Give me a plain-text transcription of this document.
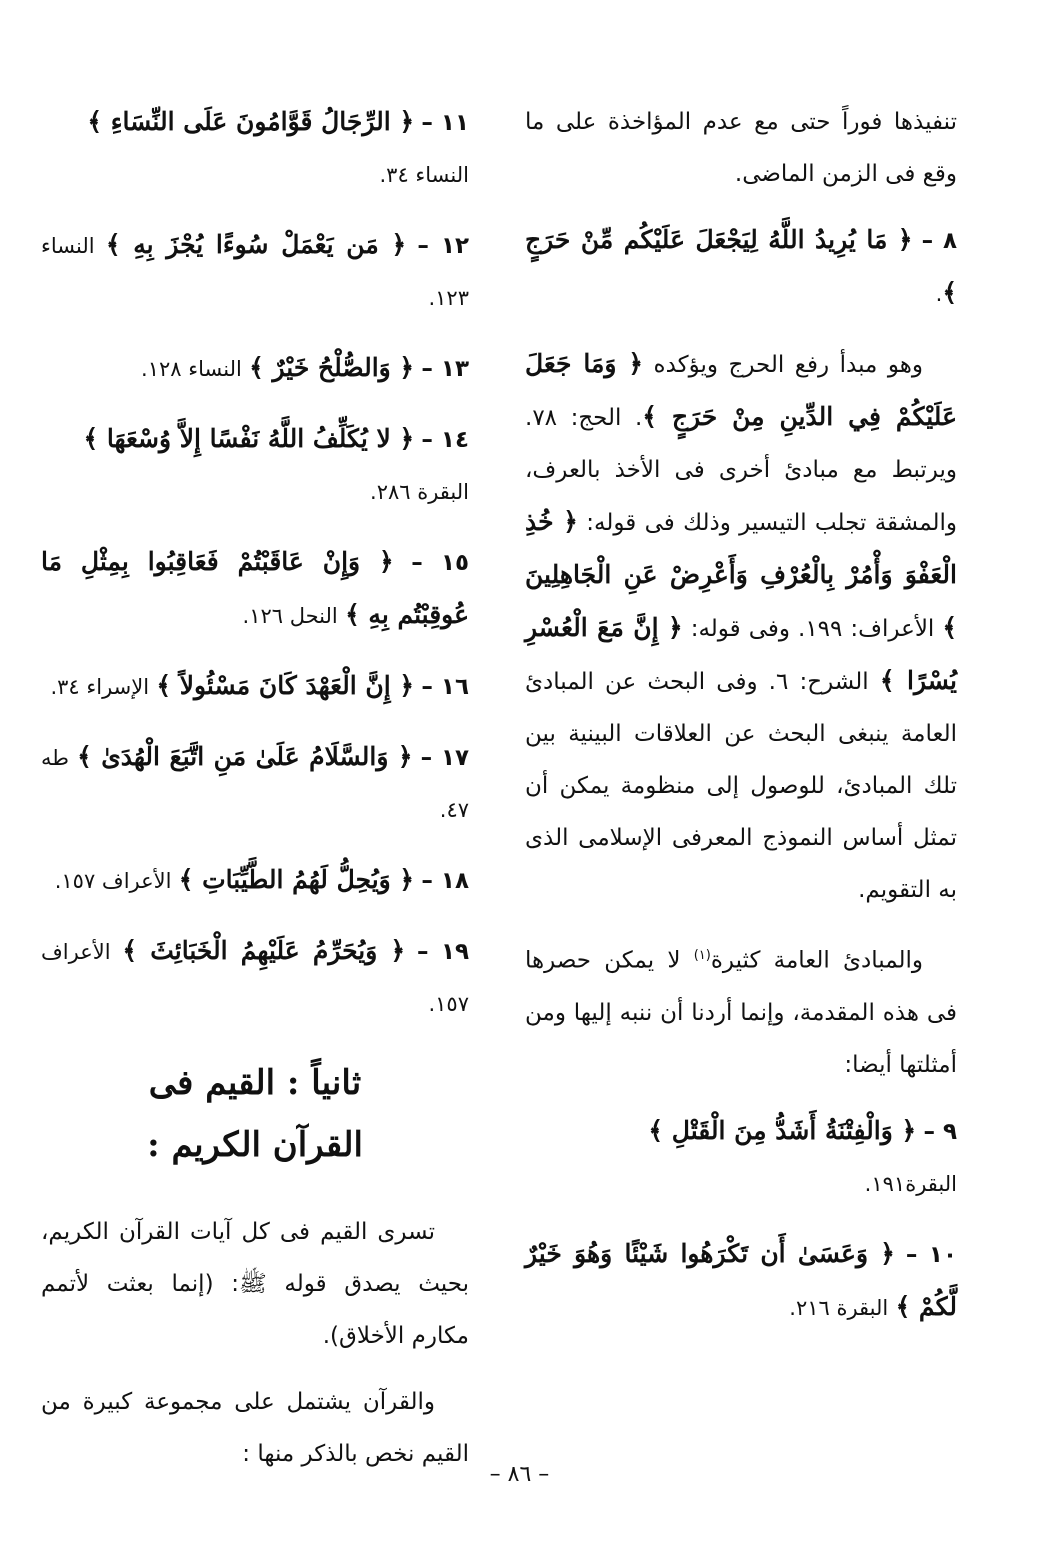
تنفيذها فوراً حتى مع عدم المؤاخذة على ما وقع فى الزمن الماضى.

٨ – ﴿ مَا يُرِيدُ اللَّهُ لِيَجْعَلَ عَلَيْكُم مِّنْ حَرَجٍ ﴾.

وهو مبدأ رفع الحرج ويؤكده ﴿ وَمَا جَعَلَ عَلَيْكُمْ فِي الدِّينِ مِنْ حَرَجٍ ﴾. الحج: ٧٨. ويرتبط مع مبادئ أخرى فى الأخذ بالعرف، والمشقة تجلب التيسير وذلك فى قوله: ﴿ خُذِ الْعَفْوَ وَأْمُرْ بِالْعُرْفِ وَأَعْرِضْ عَنِ الْجَاهِلِينَ ﴾ الأعراف: ١٩٩. وفى قوله: ﴿ إِنَّ مَعَ الْعُسْرِ يُسْرًا ﴾ الشرح: ٦. وفى البحث عن المبادئ العامة ينبغى البحث عن العلاقات البينية بين تلك المبادئ، للوصول إلى منظومة يمكن أن تمثل أساس النموذج المعرفى الإسلامى الذى به التقويم.

والمبادئ العامة كثيرة$^{(١)}$ لا يمكن حصرها فى هذه المقدمة، وإنما أردنا أن ننبه إليها ومن أمثلتها أيضا:

٩ – ﴿ وَالْفِتْنَةُ أَشَدُّ مِنَ الْقَتْلِ ﴾
البقرة١٩١.
١٠ – ﴿ وَعَسَىٰ أَن تَكْرَهُوا شَيْئًا وَهُوَ خَيْرٌ لَّكُمْ ﴾ البقرة ٢١٦.
١١ – ﴿ الرِّجَالُ قَوَّامُونَ عَلَى النِّسَاءِ ﴾
النساء ٣٤.
١٢ – ﴿ مَن يَعْمَلْ سُوءًا يُجْزَ بِهِ ﴾ النساء ١٢٣.
١٣ – ﴿ وَالصُّلْحُ خَيْرٌ ﴾ النساء ١٢٨.
١٤ – ﴿ لا يُكَلِّفُ اللَّهُ نَفْسًا إِلاَّ وُسْعَهَا ﴾
البقرة ٢٨٦.
١٥ – ﴿ وَإِنْ عَاقَبْتُمْ فَعَاقِبُوا بِمِثْلِ مَا عُوقِبْتُم بِهِ ﴾ النحل ١٢٦.
١٦ – ﴿ إِنَّ الْعَهْدَ كَانَ مَسْئُولاً ﴾ الإسراء ٣٤.
١٧ – ﴿ وَالسَّلَامُ عَلَىٰ مَنِ اتَّبَعَ الْهُدَىٰ ﴾ طه ٤٧.
١٨ – ﴿ وَيُحِلُّ لَهُمُ الطَّيِّبَاتِ ﴾ الأعراف ١٥٧.
١٩ – ﴿ وَيُحَرِّمُ عَلَيْهِمُ الْخَبَائِثَ ﴾ الأعراف ١٥٧.
ثانياً : القيم فى
القرآن الكريم :

تسرى القيم فى كل آيات القرآن الكريم، بحيث يصدق قوله ﷺ: (إنما بعثت لأتمم مكارم الأخلاق).

والقرآن يشتمل على مجموعة كبيرة من القيم نخص بالذكر منها :

– ٨٦ –
